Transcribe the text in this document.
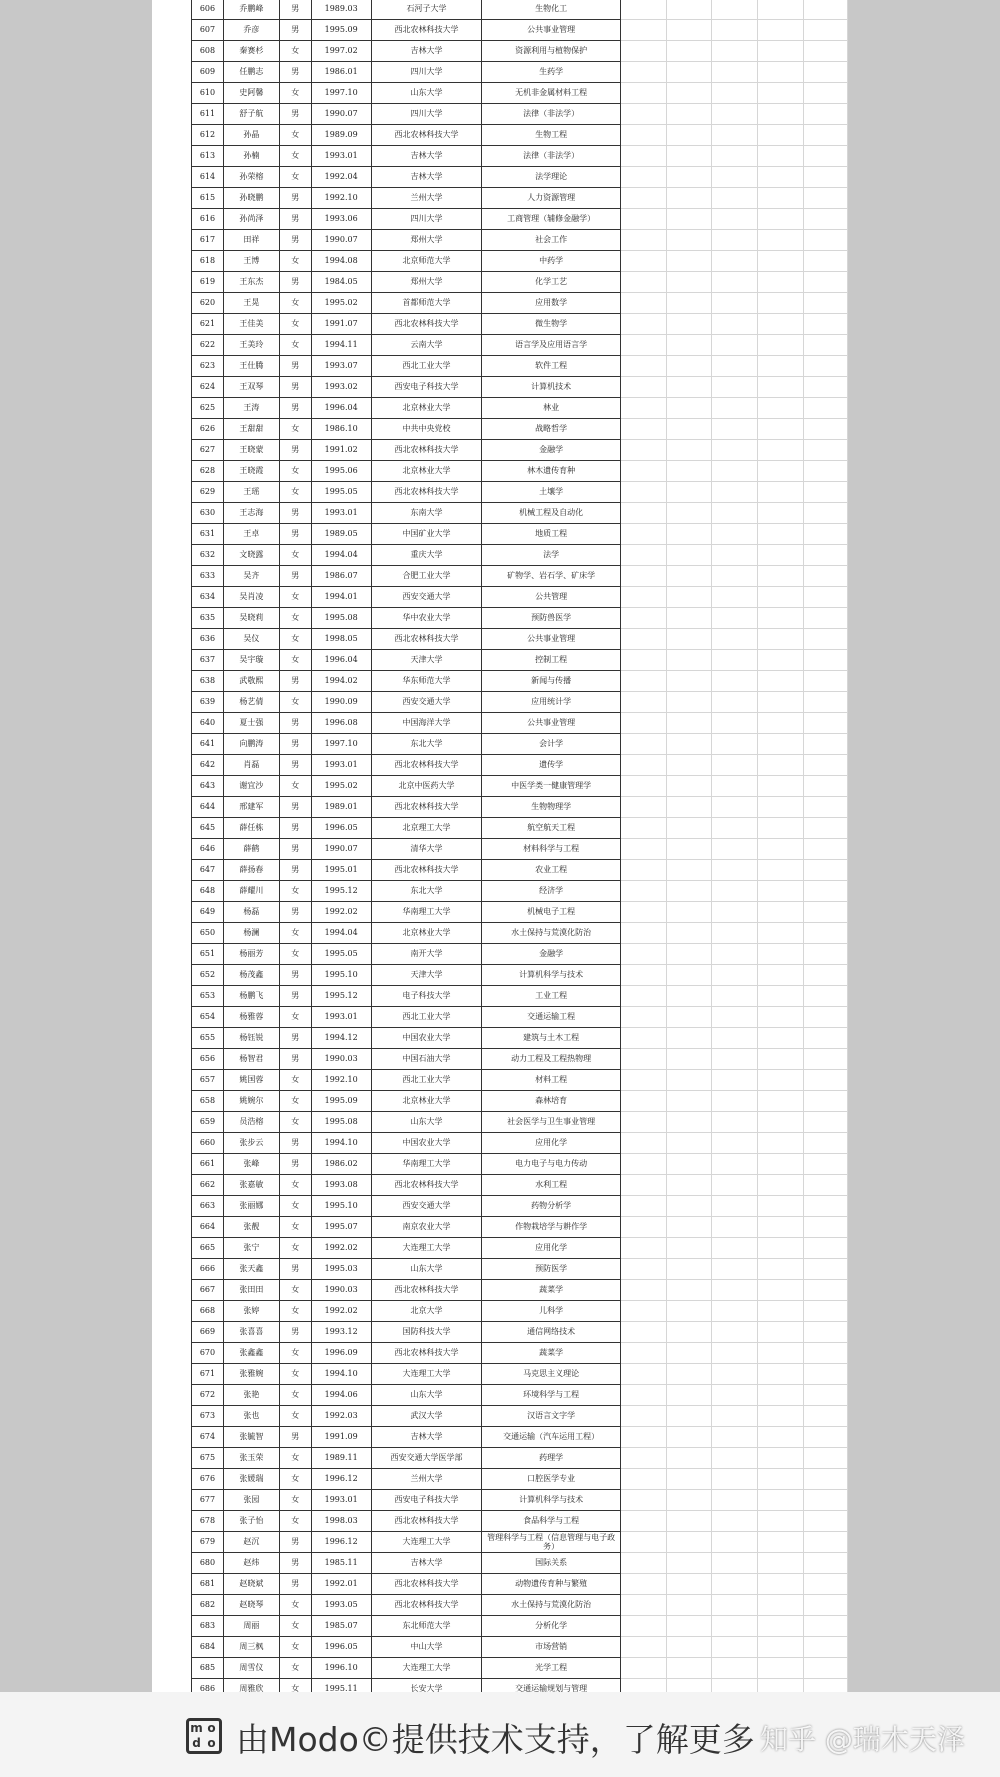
606	乔鹏峰	男	1989.03	石河子大学	生物化工					
607	乔彦	男	1995.09	西北农林科技大学	公共事业管理					
608	秦赛杉	女	1997.02	吉林大学	资源利用与植物保护					
609	任鹏志	男	1986.01	四川大学	生药学					
610	史阿馨	女	1997.10	山东大学	无机非金属材料工程					
611	舒子航	男	1990.07	四川大学	法律（非法学）					
612	孙晶	女	1989.09	西北农林科技大学	生物工程					
613	孙楠	女	1993.01	吉林大学	法律（非法学）					
614	孙荣榕	女	1992.04	吉林大学	法学理论					
615	孙晓鹏	男	1992.10	兰州大学	人力资源管理					
616	孙尚泽	男	1993.06	四川大学	工商管理（辅修金融学）					
617	田祥	男	1990.07	郑州大学	社会工作					
618	王博	女	1994.08	北京师范大学	中药学					
619	王东杰	男	1984.05	郑州大学	化学工艺					
620	王晃	女	1995.02	首都师范大学	应用数学					
621	王佳美	女	1991.07	西北农林科技大学	微生物学					
622	王美玲	女	1994.11	云南大学	语言学及应用语言学					
623	王仕腾	男	1993.07	西北工业大学	软件工程					
624	王双琴	男	1993.02	西安电子科技大学	计算机技术					
625	王涛	男	1996.04	北京林业大学	林业					
626	王甜甜	女	1986.10	中共中央党校	战略哲学					
627	王晓蒙	男	1991.02	西北农林科技大学	金融学					
628	王晓霞	女	1995.06	北京林业大学	林木遗传育种					
629	王瑶	女	1995.05	西北农林科技大学	土壤学					
630	王志海	男	1993.01	东南大学	机械工程及自动化					
631	王卓	男	1989.05	中国矿业大学	地质工程					
632	文晓露	女	1994.04	重庆大学	法学					
633	吴齐	男	1986.07	合肥工业大学	矿物学、岩石学、矿床学					
634	吴肖凌	女	1994.01	西安交通大学	公共管理					
635	吴晓莉	女	1995.08	华中农业大学	预防兽医学					
636	吴仪	女	1998.05	西北农林科技大学	公共事业管理					
637	吴宇璇	女	1996.04	天津大学	控制工程					
638	武敬熙	男	1994.02	华东师范大学	新闻与传播					
639	杨艺倩	女	1990.09	西安交通大学	应用统计学					
640	夏士强	男	1996.08	中国海洋大学	公共事业管理					
641	向鹏涛	男	1997.10	东北大学	会计学					
642	肖磊	男	1993.01	西北农林科技大学	遗传学					
643	谢宜沙	女	1995.02	北京中医药大学	中医学类一健康管理学					
644	邢建军	男	1989.01	西北农林科技大学	生物物理学					
645	薛任栋	男	1996.05	北京理工大学	航空航天工程					
646	薛鹤	男	1990.07	清华大学	材料科学与工程					
647	薛扬春	男	1995.01	西北农林科技大学	农业工程					
648	薛耀川	女	1995.12	东北大学	经济学					
649	杨磊	男	1992.02	华南理工大学	机械电子工程					
650	杨澜	女	1994.04	北京林业大学	水土保持与荒漠化防治					
651	杨丽芳	女	1995.05	南开大学	金融学					
652	杨茂鑫	男	1995.10	天津大学	计算机科学与技术					
653	杨鹏飞	男	1995.12	电子科技大学	工业工程					
654	杨雅蓉	女	1993.01	西北工业大学	交通运输工程					
655	杨钰锐	男	1994.12	中国农业大学	建筑与土木工程					
656	杨智君	男	1990.03	中国石油大学	动力工程及工程热物理					
657	姚国蓉	女	1992.10	西北工业大学	材料工程					
658	姚婉尔	女	1995.09	北京林业大学	森林培育					
659	员浩榕	女	1995.08	山东大学	社会医学与卫生事业管理					
660	张步云	男	1994.10	中国农业大学	应用化学					
661	张峰	男	1986.02	华南理工大学	电力电子与电力传动					
662	张嘉敏	女	1993.08	西北农林科技大学	水利工程					
663	张丽娜	女	1995.10	西安交通大学	药物分析学					
664	张靓	女	1995.07	南京农业大学	作物栽培学与耕作学					
665	张宁	女	1992.02	大连理工大学	应用化学					
666	张天鑫	男	1995.03	山东大学	预防医学					
667	张田田	女	1990.03	西北农林科技大学	蔬菜学					
668	张婷	女	1992.02	北京大学	儿科学					
669	张喜喜	男	1993.12	国防科技大学	通信网络技术					
670	张鑫鑫	女	1996.09	西北农林科技大学	蔬菜学					
671	张雅婉	女	1994.10	大连理工大学	马克思主义理论					
672	张艳	女	1994.06	山东大学	环境科学与工程					
673	张也	女	1992.03	武汉大学	汉语言文字学					
674	张毓智	男	1991.09	吉林大学	交通运输（汽车运用工程）					
675	张玉荣	女	1989.11	西安交通大学医学部	药理学					
676	张媛瑞	女	1996.12	兰州大学	口腔医学专业					
677	张园	女	1993.01	西安电子科技大学	计算机科学与技术					
678	张子怡	女	1998.03	西北农林科技大学	食品科学与工程					
679	赵沉	男	1996.12	大连理工大学	管理科学与工程（信息管理与电子政务）					
680	赵炜	男	1985.11	吉林大学	国际关系					
681	赵晓斌	男	1992.01	西北农林科技大学	动物遗传育种与繁殖					
682	赵晓琴	女	1993.05	西北农林科技大学	水土保持与荒漠化防治					
683	周丽	女	1985.07	东北师范大学	分析化学					
684	周三枫	女	1996.05	中山大学	市场营销					
685	周雪仪	女	1996.10	大连理工大学	光学工程					
686	周雅欣	女	1995.11	长安大学	交通运输规划与管理					

m o
d o 由Modo©提供技术支持，了解更多 知乎 @瑞木天泽
